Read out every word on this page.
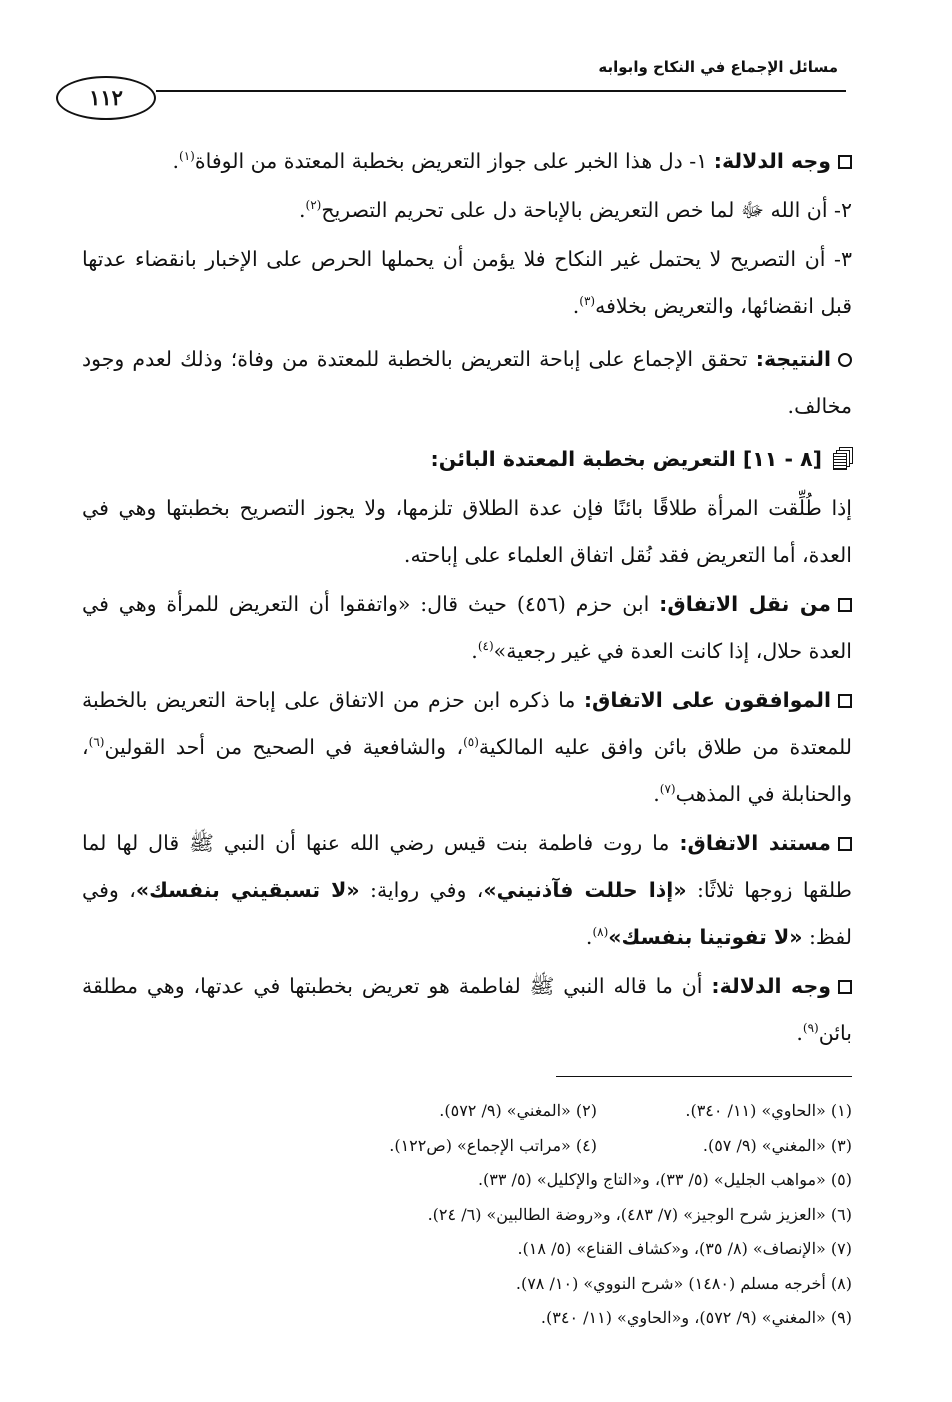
مسائل الإجماع في النكاح وابوابه
١١٢

وجه الدلالة: ١- دل هذا الخبر على جواز التعريض بخطبة المعتدة من الوفاة$^{(١)}$.

٢- أن الله ﷻ لما خص التعريض بالإباحة دل على تحريم التصريح$^{(٢)}$.

٣- أن التصريح لا يحتمل غير النكاح فلا يؤمن أن يحملها الحرص على الإخبار بانقضاء عدتها قبل انقضائها، والتعريض بخلافه$^{(٣)}$.

النتيجة: تحقق الإجماع على إباحة التعريض بالخطبة للمعتدة من وفاة؛ وذلك لعدم وجود مخالف.

[٨ - ١١] التعريض بخطبة المعتدة البائن:

إذا طُلِّقت المرأة طلاقًا بائنًا فإن عدة الطلاق تلزمها، ولا يجوز التصريح بخطبتها وهي في العدة، أما التعريض فقد نُقل اتفاق العلماء على إباحته.

من نقل الاتفاق: ابن حزم (٤٥٦) حيث قال: «واتفقوا أن التعريض للمرأة وهي في العدة حلال، إذا كانت العدة في غير رجعية»$^{(٤)}$.

الموافقون على الاتفاق: ما ذكره ابن حزم من الاتفاق على إباحة التعريض بالخطبة للمعتدة من طلاق بائن وافق عليه المالكية$^{(٥)}$، والشافعية في الصحيح من أحد القولين$^{(٦)}$، والحنابلة في المذهب$^{(٧)}$.

مستند الاتفاق: ما روت فاطمة بنت قيس رضي الله عنها أن النبي ﷺ قال لها لما طلقها زوجها ثلاثًا: «إذا حللت فآذنيني»، وفي رواية: «لا تسبقيني بنفسك»، وفي لفظ: «لا تفوتينا بنفسك»$^{(٨)}$.

وجه الدلالة: أن ما قاله النبي ﷺ لفاطمة هو تعريض بخطبتها في عدتها، وهي مطلقة بائن$^{(٩)}$.

(١) «الحاوي» (١١/ ٣٤٠).
(٢) «المغني» (٩/ ٥٧٢).
(٣) «المغني» (٩/ ٥٧).
(٤) «مراتب الإجماع» (ص١٢٢).
(٥) «مواهب الجليل» (٥/ ٣٣)، و«التاج والإكليل» (٥/ ٣٣).
(٦) «العزيز شرح الوجيز» (٧/ ٤٨٣)، و«روضة الطالبين» (٦/ ٢٤).
(٧) «الإنصاف» (٨/ ٣٥)، و«كشاف القناع» (٥/ ١٨).
(٨) أخرجه مسلم (١٤٨٠) «شرح النووي» (١٠/ ٧٨).
(٩) «المغني» (٩/ ٥٧٢)، و«الحاوي» (١١/ ٣٤٠).
